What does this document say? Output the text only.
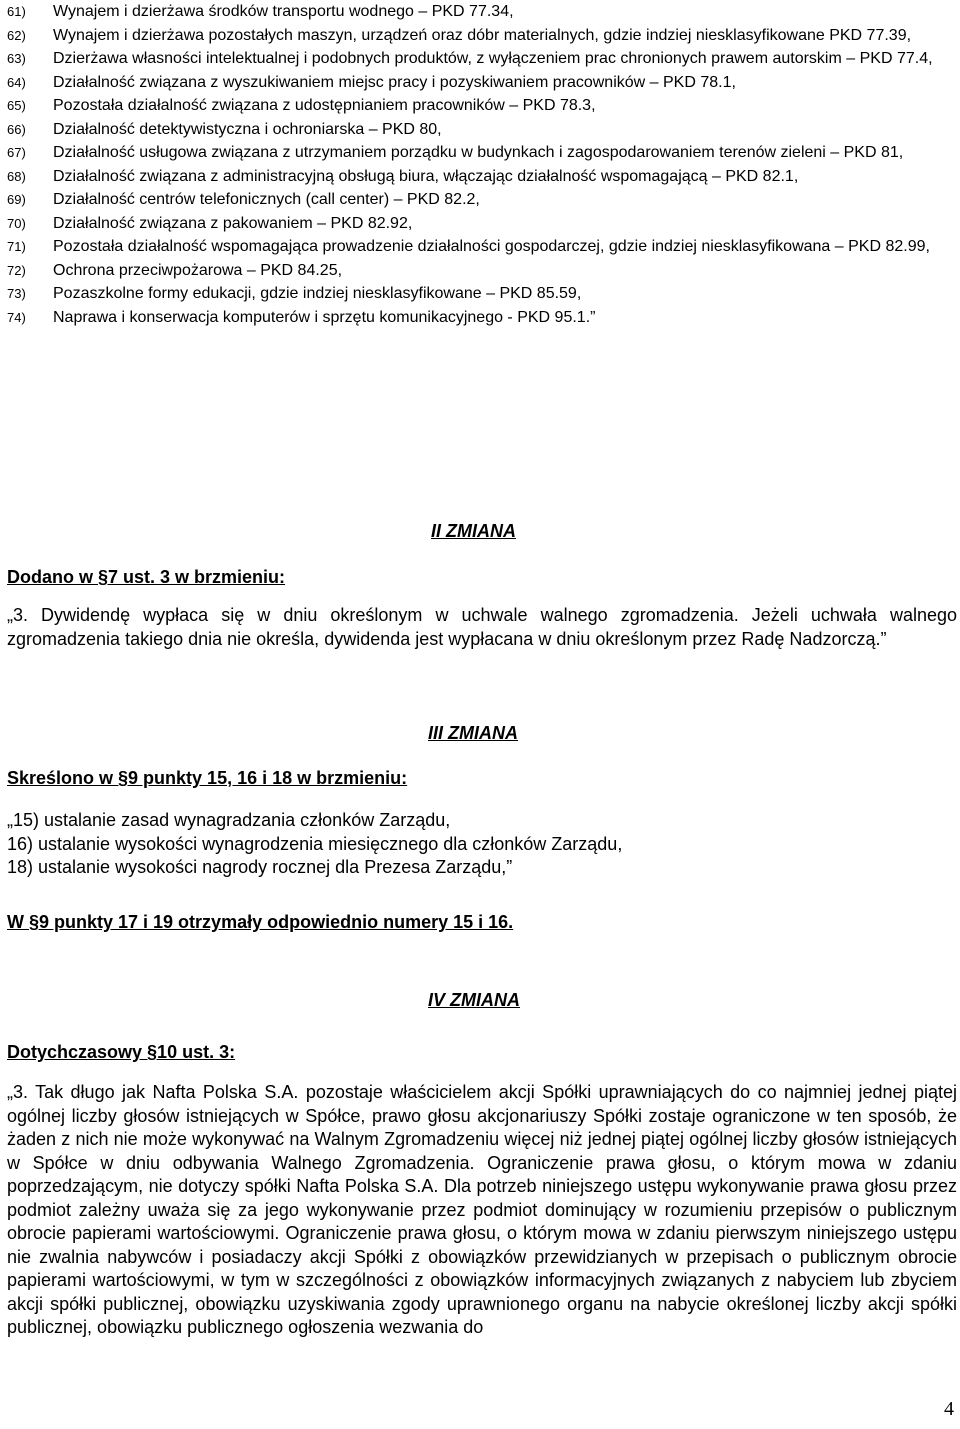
61) Wynajem i dzierżawa środków transportu wodnego – PKD 77.34,
62) Wynajem i dzierżawa pozostałych maszyn, urządzeń oraz dóbr materialnych, gdzie indziej niesklasyfikowane PKD 77.39,
63) Dzierżawa własności intelektualnej i podobnych produktów, z wyłączeniem prac chronionych prawem autorskim – PKD 77.4,
64) Działalność związana z wyszukiwaniem miejsc pracy i pozyskiwaniem pracowników – PKD 78.1,
65) Pozostała działalność związana z udostępnianiem pracowników – PKD 78.3,
66) Działalność detektywistyczna i ochroniarska – PKD 80,
67) Działalność usługowa związana z utrzymaniem porządku w budynkach i zagospodarowaniem terenów zieleni – PKD 81,
68) Działalność związana z administracyjną obsługą biura, włączając działalność wspomagającą – PKD 82.1,
69) Działalność centrów telefonicznych (call center) – PKD 82.2,
70) Działalność związana z pakowaniem – PKD 82.92,
71) Pozostała działalność wspomagająca prowadzenie działalności gospodarczej, gdzie indziej niesklasyfikowana – PKD 82.99,
72) Ochrona przeciwpożarowa – PKD 84.25,
73) Pozaszkolne formy edukacji, gdzie indziej niesklasyfikowane – PKD 85.59,
74) Naprawa i konserwacja komputerów i sprzętu komunikacyjnego - PKD 95.1.”
II ZMIANA
Dodano w §7 ust. 3 w brzmieniu:
„3. Dywidendę wypłaca się w dniu określonym w uchwale walnego zgromadzenia. Jeżeli uchwała walnego zgromadzenia takiego dnia nie określa, dywidenda jest wypłacana w dniu określonym przez Radę Nadzorczą.”
III ZMIANA
Skreślono w §9 punkty 15, 16 i 18 w brzmieniu:
„15) ustalanie zasad wynagradzania członków Zarządu,
16) ustalanie wysokości wynagrodzenia miesięcznego dla członków Zarządu,
18) ustalanie wysokości nagrody rocznej dla Prezesa Zarządu,”
W §9 punkty 17 i 19 otrzymały odpowiednio numery 15 i 16.
IV ZMIANA
Dotychczasowy §10 ust. 3:
„3. Tak długo jak Nafta Polska S.A. pozostaje właścicielem akcji Spółki uprawniających do co najmniej jednej piątej ogólnej liczby głosów istniejących w Spółce, prawo głosu akcjonariuszy Spółki zostaje ograniczone w ten sposób, że żaden z nich nie może wykonywać na Walnym Zgromadzeniu więcej niż jednej piątej ogólnej liczby głosów istniejących w Spółce w dniu odbywania Walnego Zgromadzenia. Ograniczenie prawa głosu, o którym mowa w zdaniu poprzedzającym, nie dotyczy spółki Nafta Polska S.A. Dla potrzeb niniejszego ustępu wykonywanie prawa głosu przez podmiot zależny uważa się za jego wykonywanie przez podmiot dominujący w rozumieniu przepisów o publicznym obrocie papierami wartościowymi. Ograniczenie prawa głosu, o którym mowa w zdaniu pierwszym niniejszego ustępu nie zwalnia nabywców i posiadaczy akcji Spółki z obowiązków przewidzianych w przepisach o publicznym obrocie papierami wartościowymi, w tym w szczególności z obowiązków informacyjnych związanych z nabyciem lub zbyciem akcji spółki publicznej, obowiązku uzyskiwania zgody uprawnionego organu na nabycie określonej liczby akcji spółki publicznej, obowiązku publicznego ogłoszenia wezwania do
4
